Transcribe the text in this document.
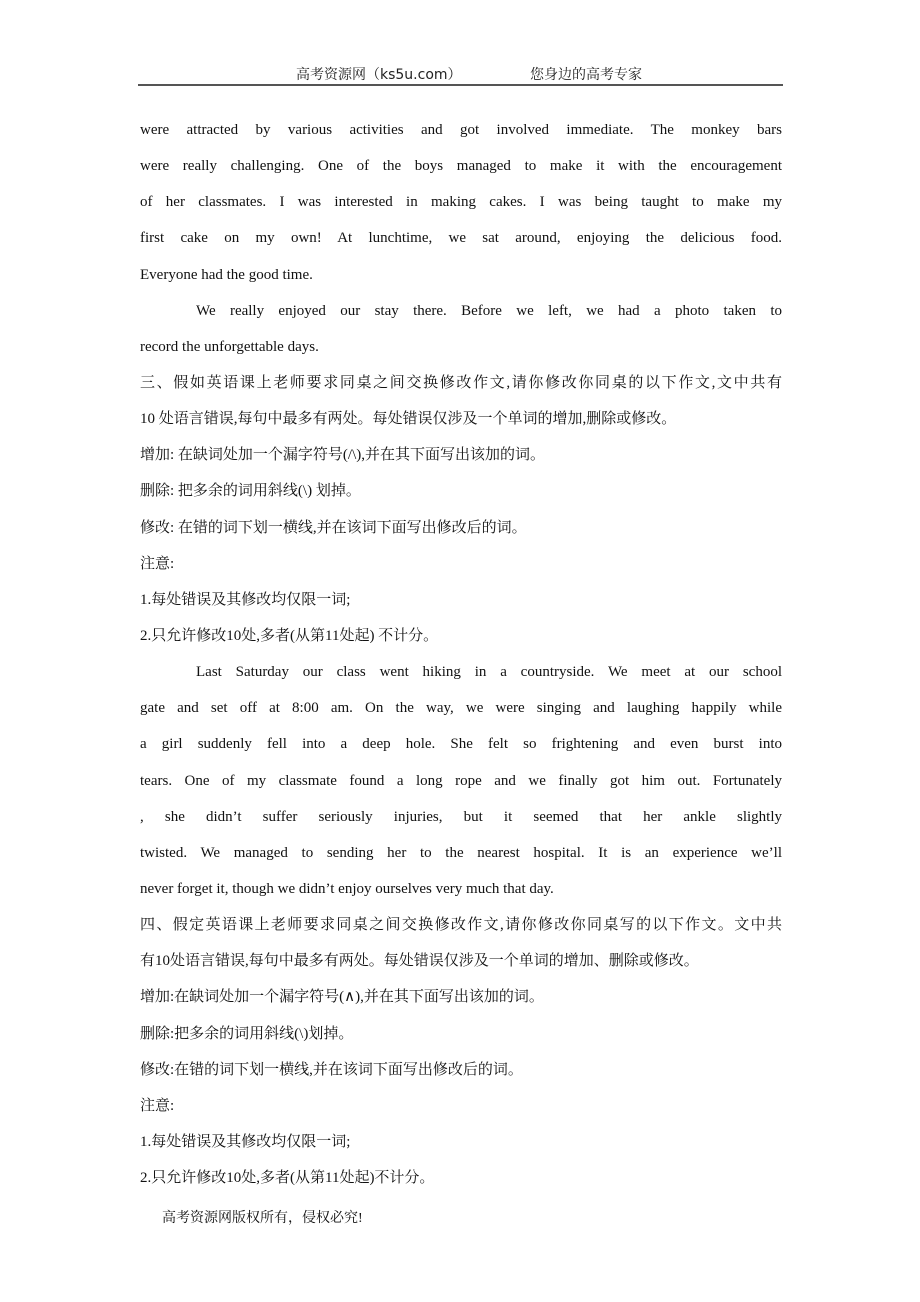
高考资源网（ks5u.com）	您身边的高考专家
were attracted by various activities and got involved immediate. The monkey bars
were really challenging. One of the boys managed to make it with the encouragement
of her classmates. I was interested in making cakes. I was being taught to make my
first cake on my own! At lunchtime, we sat around, enjoying the delicious food.
Everyone had the good time.
We really enjoyed our stay there. Before we left, we had a photo taken to
record the unforgettable days.
三、假如英语课上老师要求同桌之间交换修改作文,请你修改你同桌的以下作文,文中共有
10 处语言错误,每句中最多有两处。每处错误仅涉及一个单词的增加,删除或修改。
增加: 在缺词处加一个漏字符号(/\),并在其下面写出该加的词。
删除: 把多余的词用斜线(\) 划掉。
修改: 在错的词下划一横线,并在该词下面写出修改后的词。
注意:
1.每处错误及其修改均仅限一词;
2.只允许修改10处,多者(从第11处起) 不计分。
Last Saturday our class went hiking in a countryside. We meet at our school
gate and set off at 8:00 am. On the way, we were singing and laughing happily while
a girl suddenly fell into a deep hole. She felt so frightening and even burst into
tears. One of my classmate found a long rope and we finally got him out. Fortunately
, she didn’t suffer seriously injuries, but it seemed that her ankle slightly
twisted. We managed to sending her to the nearest hospital. It is an experience we’ll
never forget it, though we didn’t enjoy ourselves very much that day.
四、假定英语课上老师要求同桌之间交换修改作文,请你修改你同桌写的以下作文。文中共
有10处语言错误,每句中最多有两处。每处错误仅涉及一个单词的增加、删除或修改。
增加:在缺词处加一个漏字符号(∧),并在其下面写出该加的词。
删除:把多余的词用斜线(\)划掉。
修改:在错的词下划一横线,并在该词下面写出修改后的词。
注意:
1.每处错误及其修改均仅限一词;
2.只允许修改10处,多者(从第11处起)不计分。
高考资源网版权所有，侵权必究!
